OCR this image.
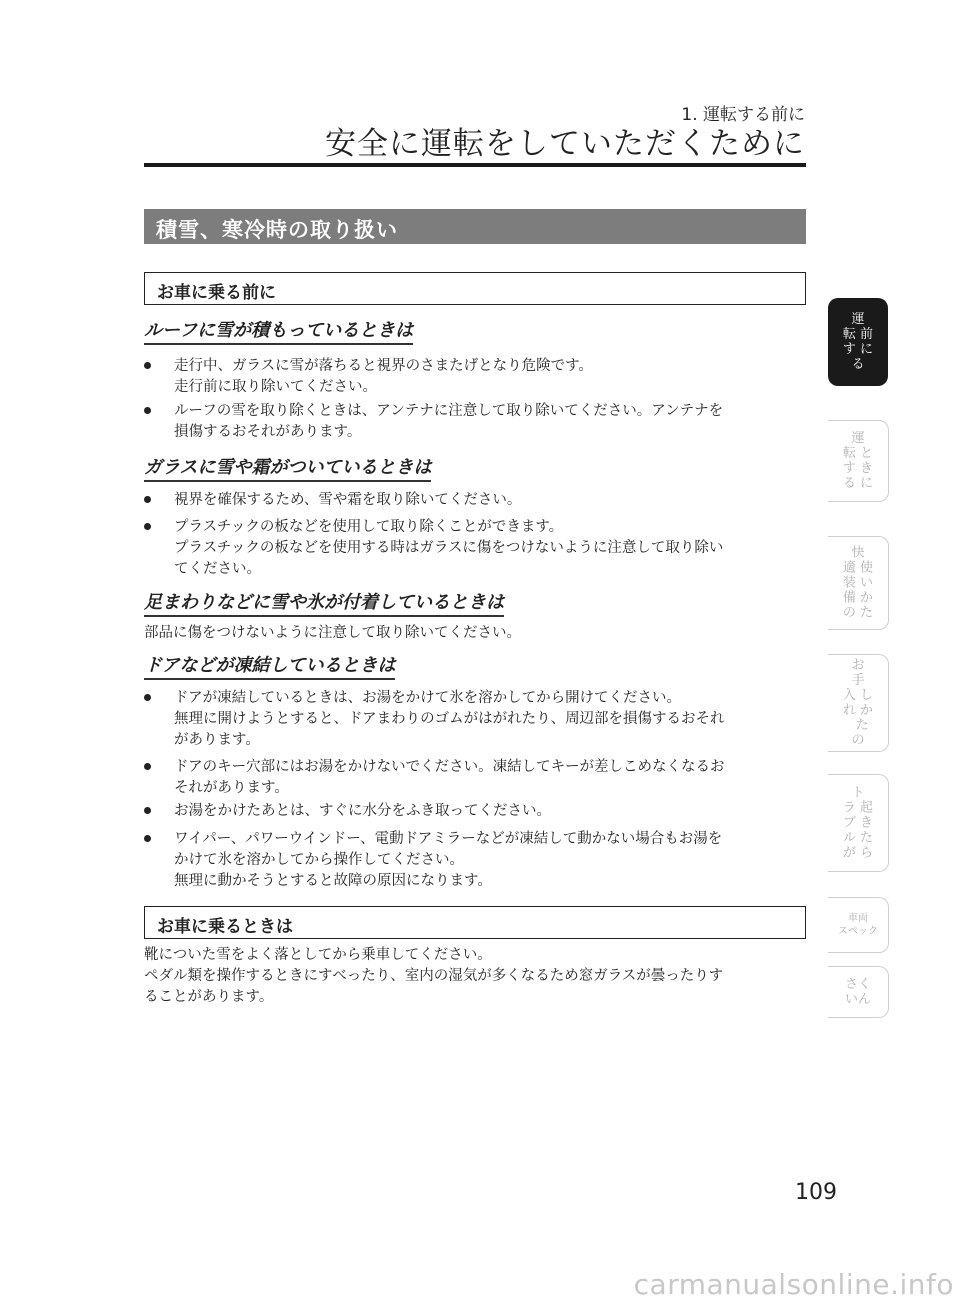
1. 運転する前に
安全に運転をしていただくために
積雪、寒冷時の取り扱い
お車に乗る前に
ルーフに雪が積もっているときは
走行中、ガラスに雪が落ちると視界のさまたげとなり危険です。
走行前に取り除いてください。
ルーフの雪を取り除くときは、アンテナに注意して取り除いてください。アンテナを
損傷するおそれがあります。
ガラスに雪や霜がついているときは
視界を確保するため、雪や霜を取り除いてください。
プラスチックの板などを使用して取り除くことができます。
プラスチックの板などを使用する時はガラスに傷をつけないように注意して取り除い
てください。
足まわりなどに雪や氷が付着しているときは
部品に傷をつけないように注意して取り除いてください。
ドアなどが凍結しているときは
ドアが凍結しているときは、お湯をかけて氷を溶かしてから開けてください。
無理に開けようとすると、ドアまわりのゴムがはがれたり、周辺部を損傷するおそれ
があります。
ドアのキー穴部にはお湯をかけないでください。凍結してキーが差しこめなくなるお
それがあります。
お湯をかけたあとは、すぐに水分をふき取ってください。
ワイパー、パワーウインドー、電動ドアミラーなどが凍結して動かない場合もお湯を
かけて氷を溶かしてから操作してください。
無理に動かそうとすると故障の原因になります。
お車に乗るときは
靴についた雪をよく落としてから乗車してください。
ペダル類を操作するときにすべったり、室内の湿気が多くなるため窓ガラスが曇ったりす
ることがあります。
運
転 前
す に
る
運
転 と
す き
る に
快
適 使
装 い
備 か
の た
お
手
入 し
れ か
た
の
ト
ラ 起
ブ き
ル た
が ら
車両
スペック
さく
いん
109
carmanualsonline.info
